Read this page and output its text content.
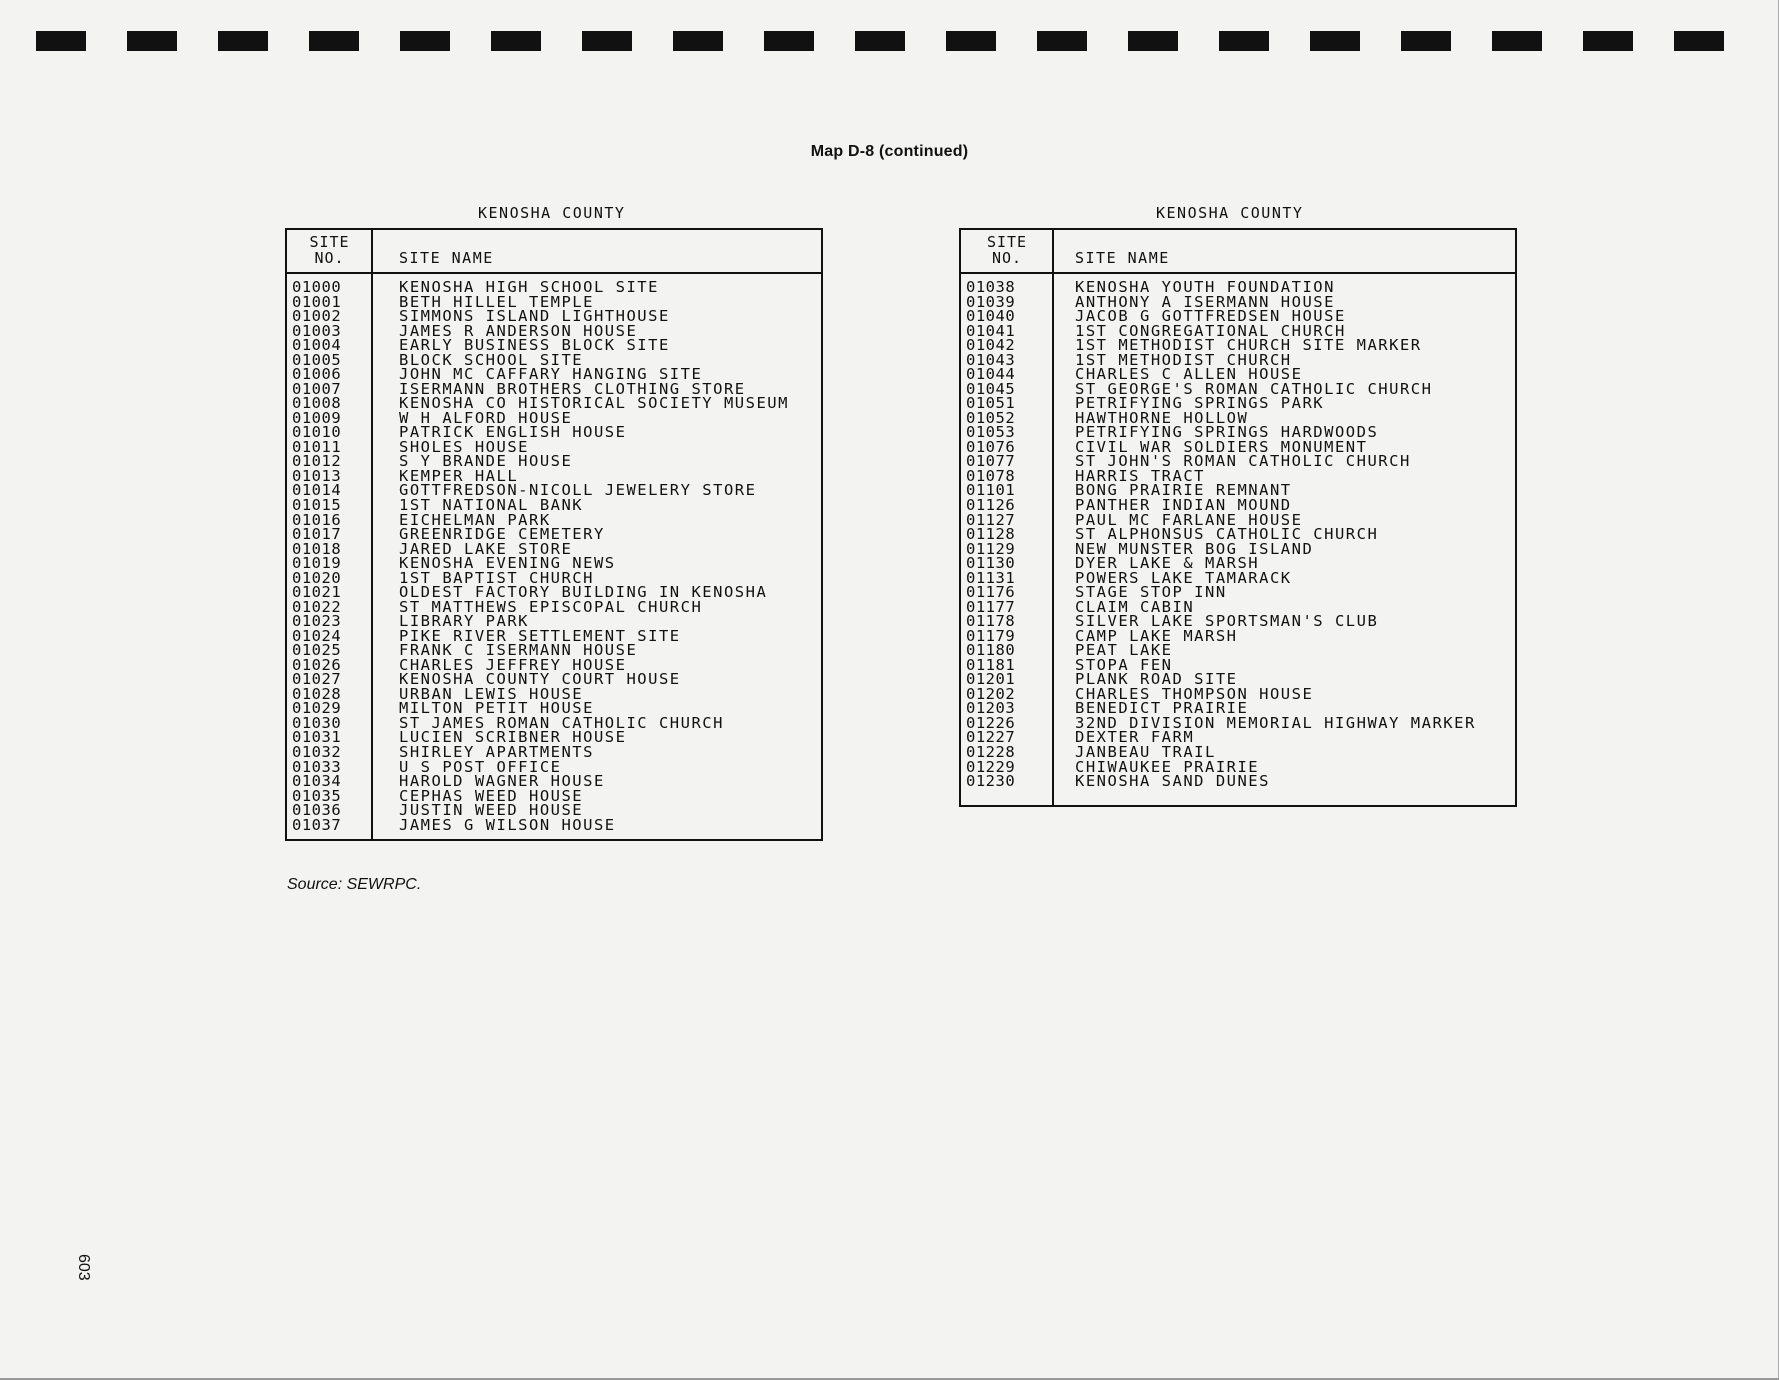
Map D-8 (continued)
KENOSHA COUNTY
SITE
NO.	SITE NAME
01000	KENOSHA HIGH SCHOOL SITE
01001	BETH HILLEL TEMPLE
01002	SIMMONS ISLAND LIGHTHOUSE
01003	JAMES R ANDERSON HOUSE
01004	EARLY BUSINESS BLOCK SITE
01005	BLOCK SCHOOL SITE
01006	JOHN MC CAFFARY HANGING SITE
01007	ISERMANN BROTHERS CLOTHING STORE
01008	KENOSHA CO HISTORICAL SOCIETY MUSEUM
01009	W H ALFORD HOUSE
01010	PATRICK ENGLISH HOUSE
01011	SHOLES HOUSE
01012	S Y BRANDE HOUSE
01013	KEMPER HALL
01014	GOTTFREDSON-NICOLL JEWELERY STORE
01015	1ST NATIONAL BANK
01016	EICHELMAN PARK
01017	GREENRIDGE CEMETERY
01018	JARED LAKE STORE
01019	KENOSHA EVENING NEWS
01020	1ST BAPTIST CHURCH
01021	OLDEST FACTORY BUILDING IN KENOSHA
01022	ST MATTHEWS EPISCOPAL CHURCH
01023	LIBRARY PARK
01024	PIKE RIVER SETTLEMENT SITE
01025	FRANK C ISERMANN HOUSE
01026	CHARLES JEFFREY HOUSE
01027	KENOSHA COUNTY COURT HOUSE
01028	URBAN LEWIS HOUSE
01029	MILTON PETIT HOUSE
01030	ST JAMES ROMAN CATHOLIC CHURCH
01031	LUCIEN SCRIBNER HOUSE
01032	SHIRLEY APARTMENTS
01033	U S POST OFFICE
01034	HAROLD WAGNER HOUSE
01035	CEPHAS WEED HOUSE
01036	JUSTIN WEED HOUSE
01037	JAMES G WILSON HOUSE
KENOSHA COUNTY
SITE
NO.	SITE NAME
01038	KENOSHA YOUTH FOUNDATION
01039	ANTHONY A ISERMANN HOUSE
01040	JACOB G GOTTFREDSEN HOUSE
01041	1ST CONGREGATIONAL CHURCH
01042	1ST METHODIST CHURCH SITE MARKER
01043	1ST METHODIST CHURCH
01044	CHARLES C ALLEN HOUSE
01045	ST GEORGE'S ROMAN CATHOLIC CHURCH
01051	PETRIFYING SPRINGS PARK
01052	HAWTHORNE HOLLOW
01053	PETRIFYING SPRINGS HARDWOODS
01076	CIVIL WAR SOLDIERS MONUMENT
01077	ST JOHN'S ROMAN CATHOLIC CHURCH
01078	HARRIS TRACT
01101	BONG PRAIRIE REMNANT
01126	PANTHER INDIAN MOUND
01127	PAUL MC FARLANE HOUSE
01128	ST ALPHONSUS CATHOLIC CHURCH
01129	NEW MUNSTER BOG ISLAND
01130	DYER LAKE & MARSH
01131	POWERS LAKE TAMARACK
01176	STAGE STOP INN
01177	CLAIM CABIN
01178	SILVER LAKE SPORTSMAN'S CLUB
01179	CAMP LAKE MARSH
01180	PEAT LAKE
01181	STOPA FEN
01201	PLANK ROAD SITE
01202	CHARLES THOMPSON HOUSE
01203	BENEDICT PRAIRIE
01226	32ND DIVISION MEMORIAL HIGHWAY MARKER
01227	DEXTER FARM
01228	JANBEAU TRAIL
01229	CHIWAUKEE PRAIRIE
01230	KENOSHA SAND DUNES
Source: SEWRPC.
603
